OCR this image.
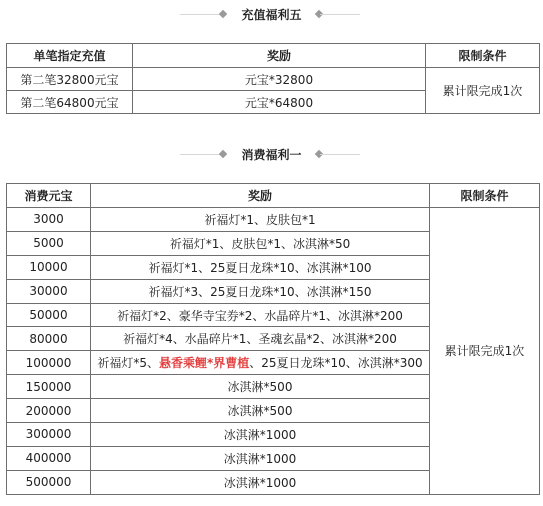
充值福利五
单笔指定充值	奖励	限制条件
第二笔32800元宝	元宝*32800	累计限完成1次
第二笔64800元宝	元宝*64800	
消费福利一
消费元宝	奖励	限制条件
3000	祈福灯*1、皮肤包*1	累计限完成1次
5000	祈福灯*1、皮肤包*1、冰淇淋*50	
10000	祈福灯*1、25夏日龙珠*10、冰淇淋*100	
30000	祈福灯*3、25夏日龙珠*10、冰淇淋*150	
50000	祈福灯*2、豪华寺宝券*2、水晶碎片*1、冰淇淋*200	
80000	祈福灯*4、水晶碎片*1、圣魂玄晶*2、冰淇淋*200	
100000	祈福灯*5、悬香乘鲤*界曹植、25夏日龙珠*10、冰淇淋*300	
150000	冰淇淋*500	
200000	冰淇淋*500	
300000	冰淇淋*1000	
400000	冰淇淋*1000	
500000	冰淇淋*1000	
